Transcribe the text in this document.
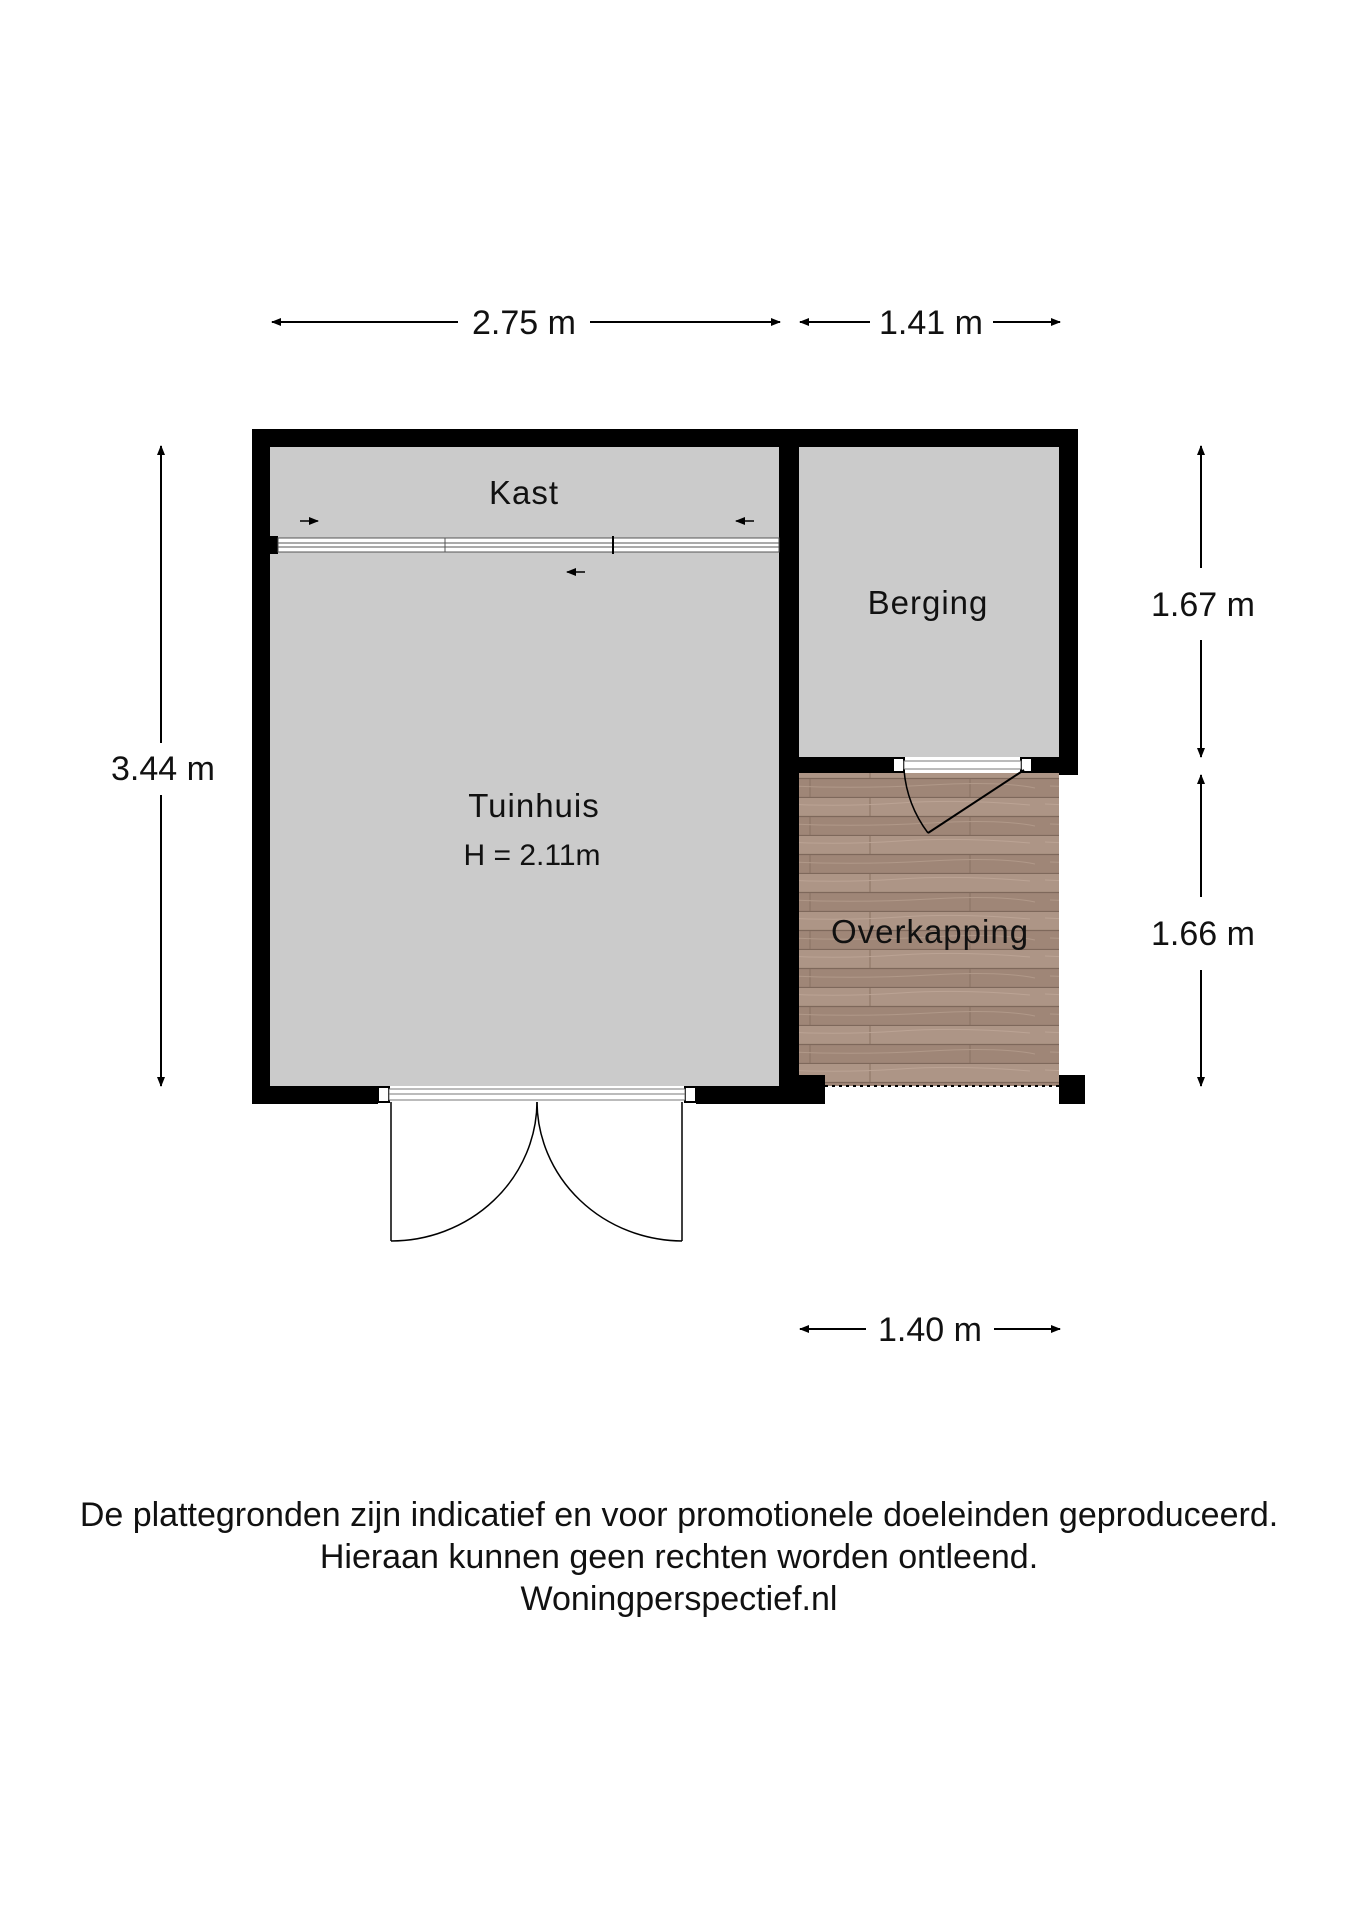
Kast
Berging
Tuinhuis
H = 2.11m
Overkapping
2.75 m	1.41 m
3.44 m
1.67 m
1.66 m
1.40 m
De plattegronden zijn indicatief en voor promotionele doeleinden geproduceerd.
Hieraan kunnen geen rechten worden ontleend.
Woningperspectief.nl
